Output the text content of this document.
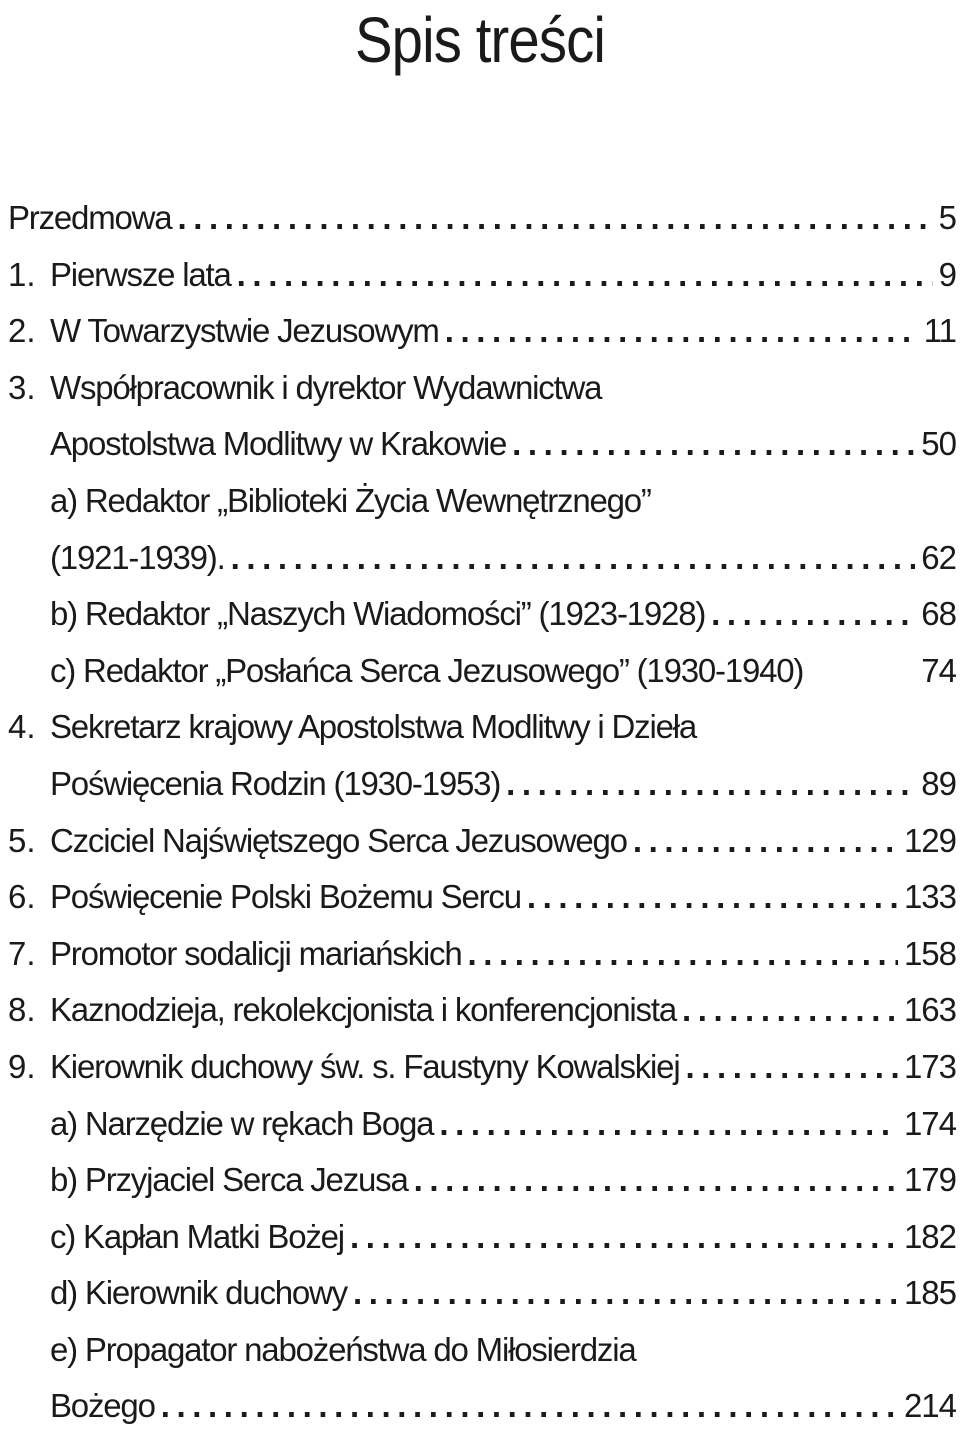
Spis treści
Przedmowa .....	5
1. Pierwsze lata .....	9
2. W Towarzystwie Jezusowym .....	11
3. Współpracownik i dyrektor Wydawnictwa
Apostolstwa Modlitwy w Krakowie .....	50
a) Redaktor „Biblioteki Życia Wewnętrznego”
(1921-1939). .....	62
b) Redaktor „Naszych Wiadomości” (1923-1928) .....	68
c) Redaktor „Posłańca Serca Jezusowego” (1930-1940)	74
4. Sekretarz krajowy Apostolstwa Modlitwy i Dzieła
Poświęcenia Rodzin (1930-1953) .....	89
5. Czciciel Najświętszego Serca Jezusowego .....	129
6. Poświęcenie Polski Bożemu Sercu .....	133
7. Promotor sodalicji mariańskich .....	158
8. Kaznodzieja, rekolekcjonista i konferencjonista .....	163
9. Kierownik duchowy św. s. Faustyny Kowalskiej .....	173
a) Narzędzie w rękach Boga .....	174
b) Przyjaciel Serca Jezusa .....	179
c) Kapłan Matki Bożej .....	182
d) Kierownik duchowy .....	185
e) Propagator nabożeństwa do Miłosierdzia
Bożego .....	214
